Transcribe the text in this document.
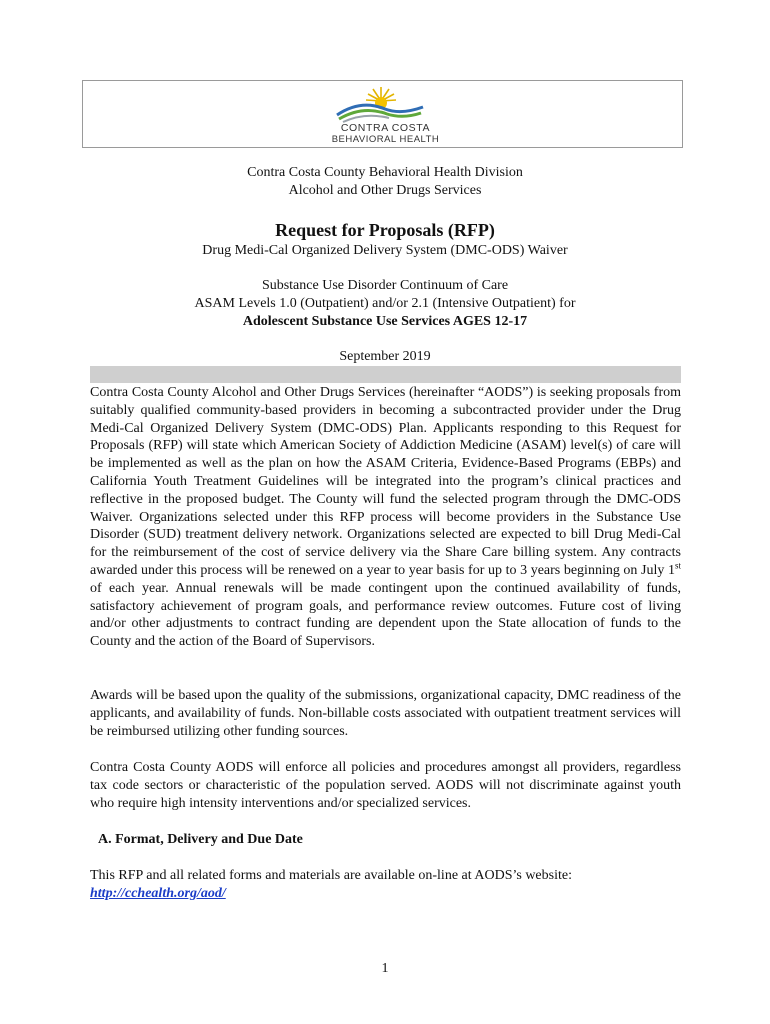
CONTRA COSTA
BEHAVIORAL HEALTH
Contra Costa County Behavioral Health Division
Alcohol and Other Drugs Services
Request for Proposals (RFP)
Drug Medi-Cal Organized Delivery System (DMC-ODS) Waiver
Substance Use Disorder Continuum of Care
ASAM Levels 1.0 (Outpatient) and/or 2.1 (Intensive Outpatient) for
Adolescent Substance Use Services AGES 12-17
September 2019
Contra Costa County Alcohol and Other Drugs Services (hereinafter “AODS”) is seeking proposals from suitably qualified community-based providers in becoming a subcontracted provider under the Drug Medi-Cal Organized Delivery System (DMC-ODS) Plan. Applicants responding to this Request for Proposals (RFP) will state which American Society of Addiction Medicine (ASAM) level(s) of care will be implemented as well as the plan on how the ASAM Criteria, Evidence-Based Programs (EBPs) and California Youth Treatment Guidelines will be integrated into the program’s clinical practices and reflective in the proposed budget. The County will fund the selected program through the DMC-ODS Waiver. Organizations selected under this RFP process will become providers in the Substance Use Disorder (SUD) treatment delivery network. Organizations selected are expected to bill Drug Medi-Cal for the reimbursement of the cost of service delivery via the Share Care billing system. Any contracts awarded under this process will be renewed on a year to year basis for up to 3 years beginning on July 1st of each year. Annual renewals will be made contingent upon the continued availability of funds, satisfactory achievement of program goals, and performance review outcomes. Future cost of living and/or other adjustments to contract funding are dependent upon the State allocation of funds to the County and the action of the Board of Supervisors.
Awards will be based upon the quality of the submissions, organizational capacity, DMC readiness of the applicants, and availability of funds. Non-billable costs associated with outpatient treatment services will be reimbursed utilizing other funding sources.
Contra Costa County AODS will enforce all policies and procedures amongst all providers, regardless tax code sectors or characteristic of the population served. AODS will not discriminate against youth who require high intensity interventions and/or specialized services.
A. Format, Delivery and Due Date
This RFP and all related forms and materials are available on-line at AODS’s website:
http://cchealth.org/aod/
1
